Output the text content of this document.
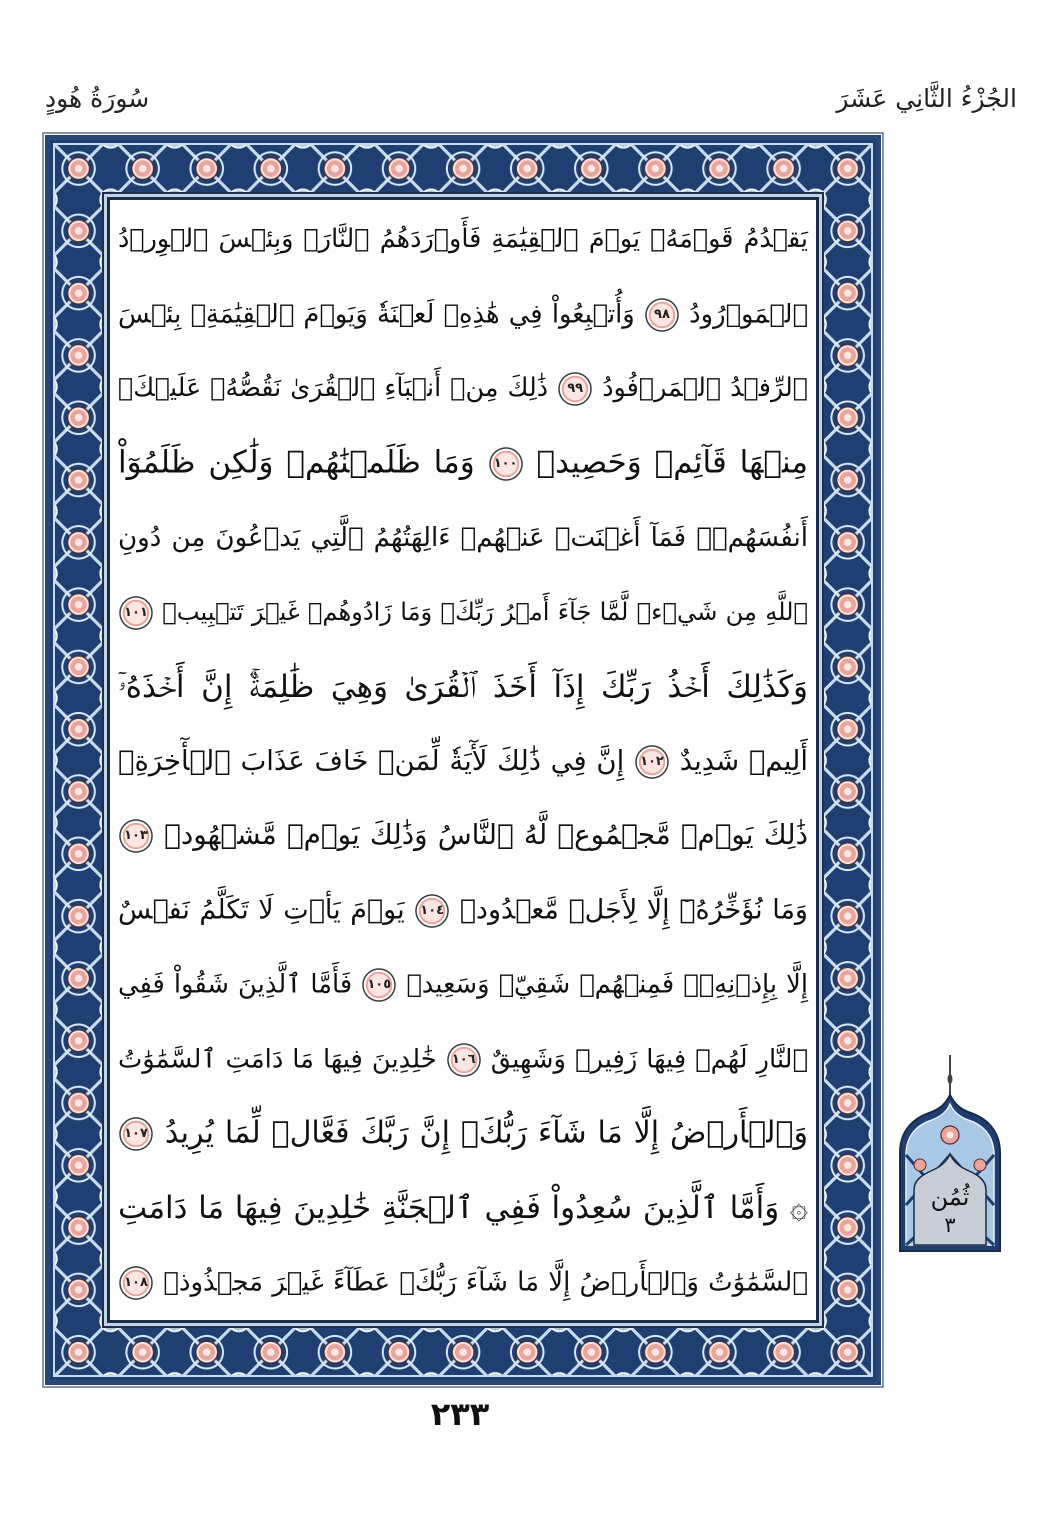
الجُزْءُ الثَّانِي عَشَرَ
سُورَةُ هُودٍ
يَقۡدُمُ قَوۡمَهُۥ يَوۡمَ ٱلۡقِيَٰمَةِ فَأَوۡرَدَهُمُ ٱلنَّارَۖ وَبِئۡسَ ٱلۡوِرۡدُ
ٱلۡمَوۡرُودُ ٩٨ وَأُتۡبِعُواْ فِي هَٰذِهِۦ لَعۡنَةٗ وَيَوۡمَ ٱلۡقِيَٰمَةِۚ بِئۡسَ
ٱلرِّفۡدُ ٱلۡمَرۡفُودُ ٩٩ ذَٰلِكَ مِنۡ أَنۢبَآءِ ٱلۡقُرَىٰ نَقُصُّهُۥ عَلَيۡكَۖ
مِنۡهَا قَآئِمٞ وَحَصِيدٞ ١٠٠ وَمَا ظَلَمۡنَٰهُمۡ وَلَٰكِن ظَلَمُوٓاْ
أَنفُسَهُمۡۖ فَمَآ أَغۡنَتۡ عَنۡهُمۡ ءَالِهَتُهُمُ ٱلَّتِي يَدۡعُونَ مِن دُونِ
ٱللَّهِ مِن شَيۡءٖ لَّمَّا جَآءَ أَمۡرُ رَبِّكَۖ وَمَا زَادُوهُمۡ غَيۡرَ تَتۡبِيبٖ ١٠١
وَكَذَٰلِكَ أَخۡذُ رَبِّكَ إِذَآ أَخَذَ ٱلۡقُرَىٰ وَهِيَ ظَٰلِمَةٌۚ إِنَّ أَخۡذَهُۥٓ
أَلِيمٞ شَدِيدٌ ١٠٢ إِنَّ فِي ذَٰلِكَ لَأٓيَةٗ لِّمَنۡ خَافَ عَذَابَ ٱلۡأٓخِرَةِۚ
ذَٰلِكَ يَوۡمٞ مَّجۡمُوعٞ لَّهُ ٱلنَّاسُ وَذَٰلِكَ يَوۡمٞ مَّشۡهُودٞ ١٠٣
وَمَا نُؤَخِّرُهُۥٓ إِلَّا لِأَجَلٖ مَّعۡدُودٖ ١٠٤ يَوۡمَ يَأۡتِ لَا تَكَلَّمُ نَفۡسٌ
إِلَّا بِإِذۡنِهِۦۚ فَمِنۡهُمۡ شَقِيّٞ وَسَعِيدٞ ١٠٥ فَأَمَّا ٱلَّذِينَ شَقُواْ فَفِي
ٱلنَّارِ لَهُمۡ فِيهَا زَفِيرٞ وَشَهِيقٌ ١٠٦ خَٰلِدِينَ فِيهَا مَا دَامَتِ ٱلسَّمَٰوَٰتُ
وَٱلۡأَرۡضُ إِلَّا مَا شَآءَ رَبُّكَۚ إِنَّ رَبَّكَ فَعَّالٞ لِّمَا يُرِيدُ ١٠٧
۞ وَأَمَّا ٱلَّذِينَ سُعِدُواْ فَفِي ٱلۡجَنَّةِ خَٰلِدِينَ فِيهَا مَا دَامَتِ
ٱلسَّمَٰوَٰتُ وَٱلۡأَرۡضُ إِلَّا مَا شَآءَ رَبُّكَۖ عَطَآءً غَيۡرَ مَجۡذُوذٖ ١٠٨
ثُمُن
٣
٢٣٣
